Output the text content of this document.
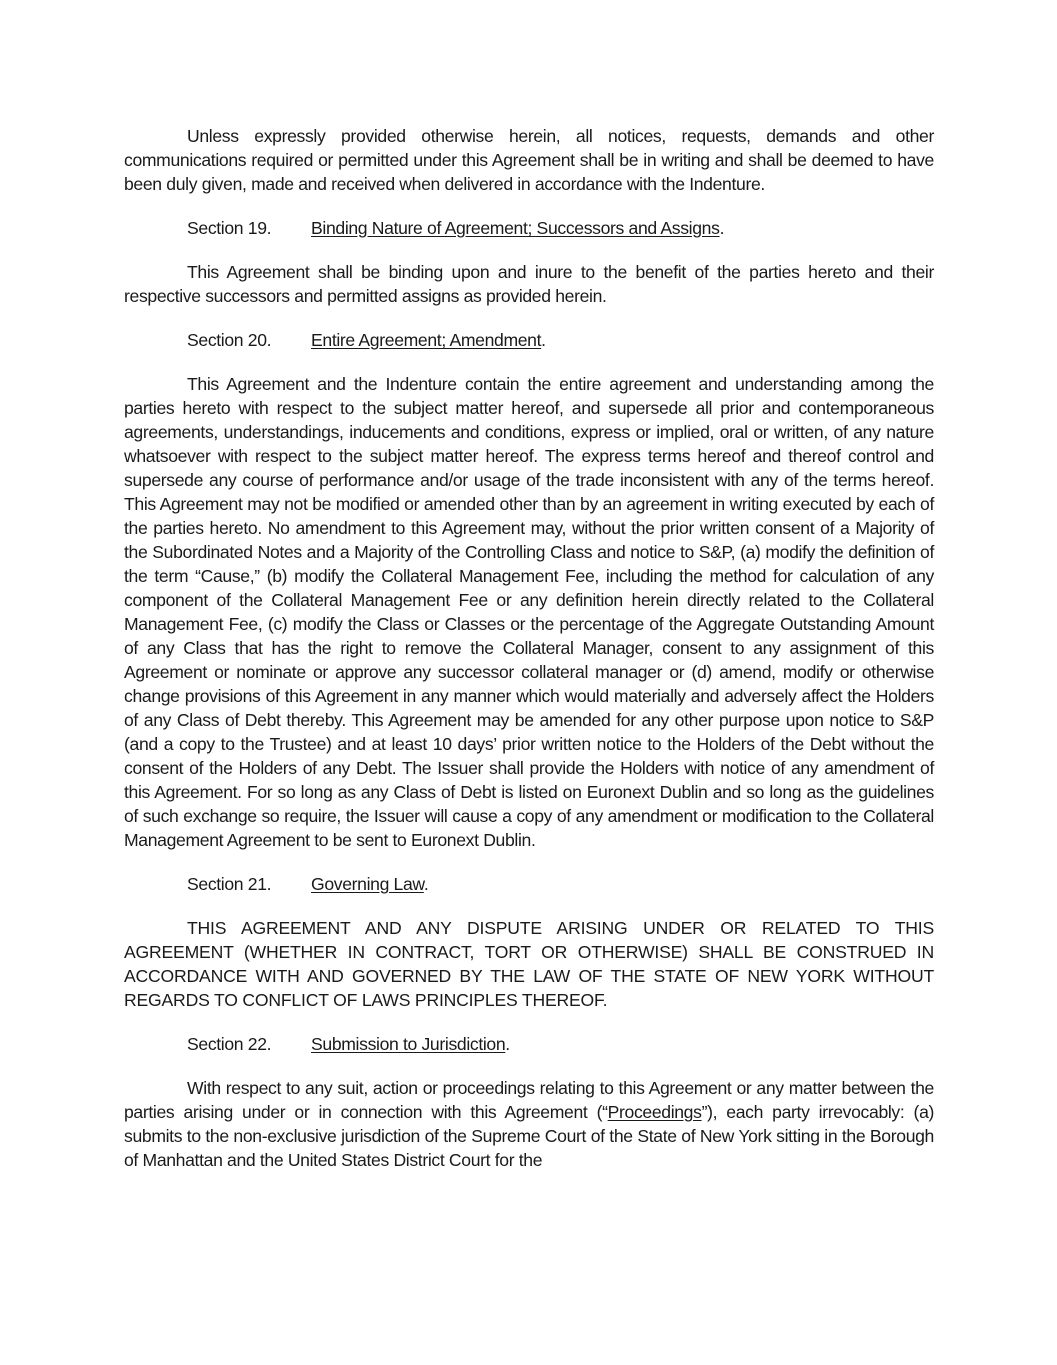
Unless expressly provided otherwise herein, all notices, requests, demands and other communications required or permitted under this Agreement shall be in writing and shall be deemed to have been duly given, made and received when delivered in accordance with the Indenture.

Section 19. Binding Nature of Agreement; Successors and Assigns.

This Agreement shall be binding upon and inure to the benefit of the parties hereto and their respective successors and permitted assigns as provided herein.

Section 20. Entire Agreement; Amendment.

This Agreement and the Indenture contain the entire agreement and understanding among the parties hereto with respect to the subject matter hereof, and supersede all prior and contemporaneous agreements, understandings, inducements and conditions, express or implied, oral or written, of any nature whatsoever with respect to the subject matter hereof. The express terms hereof and thereof control and supersede any course of performance and/or usage of the trade inconsistent with any of the terms hereof. This Agreement may not be modified or amended other than by an agreement in writing executed by each of the parties hereto. No amendment to this Agreement may, without the prior written consent of a Majority of the Subordinated Notes and a Majority of the Controlling Class and notice to S&P, (a) modify the definition of the term “Cause,” (b) modify the Collateral Management Fee, including the method for calculation of any component of the Collateral Management Fee or any definition herein directly related to the Collateral Management Fee, (c) modify the Class or Classes or the percentage of the Aggregate Outstanding Amount of any Class that has the right to remove the Collateral Manager, consent to any assignment of this Agreement or nominate or approve any successor collateral manager or (d) amend, modify or otherwise change provisions of this Agreement in any manner which would materially and adversely affect the Holders of any Class of Debt thereby. This Agreement may be amended for any other purpose upon notice to S&P (and a copy to the Trustee) and at least 10 days’ prior written notice to the Holders of the Debt without the consent of the Holders of any Debt. The Issuer shall provide the Holders with notice of any amendment of this Agreement. For so long as any Class of Debt is listed on Euronext Dublin and so long as the guidelines of such exchange so require, the Issuer will cause a copy of any amendment or modification to the Collateral Management Agreement to be sent to Euronext Dublin.

Section 21. Governing Law.

THIS AGREEMENT AND ANY DISPUTE ARISING UNDER OR RELATED TO THIS AGREEMENT (WHETHER IN CONTRACT, TORT OR OTHERWISE) SHALL BE CONSTRUED IN ACCORDANCE WITH AND GOVERNED BY THE LAW OF THE STATE OF NEW YORK WITHOUT REGARDS TO CONFLICT OF LAWS PRINCIPLES THEREOF.

Section 22. Submission to Jurisdiction.

With respect to any suit, action or proceedings relating to this Agreement or any matter between the parties arising under or in connection with this Agreement (“Proceedings”), each party irrevocably: (a) submits to the non-exclusive jurisdiction of the Supreme Court of the State of New York sitting in the Borough of Manhattan and the United States District Court for the
